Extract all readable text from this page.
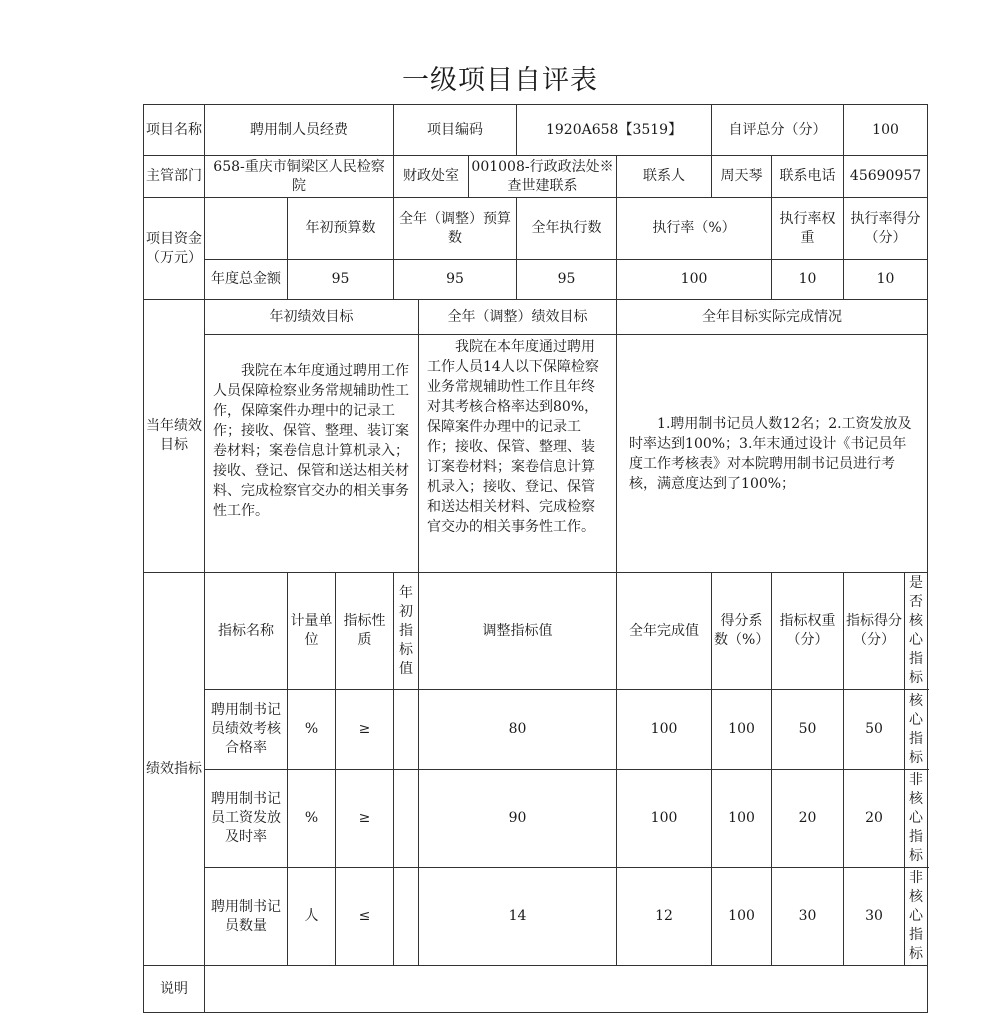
一级项目自评表
项目名称	聘用制人员经费			项目编码			1920A658【3519】		自评总分（分）		100	
主管部门	658-重庆市铜梁区人民检察院			财政处室		001008-行政政法处※查世建联系		联系人	周天琴	联系电话	45690957	
项目资金（万元）		年初预算数		全年（调整）预算数			全年执行数	执行率（%）		执行率权重	执行率得分（分）	
	年度总金额	95		95			95	100		10	10	
当年绩效目标	年初绩效目标				全年（调整）绩效目标			全年目标实际完成情况				
	我院在本年度通过聘用工作人员保障检察业务常规辅助性工作，保障案件办理中的记录工作；接收、保管、整理、装订案卷材料；案卷信息计算机录入；接收、登记、保管和送达相关材料、完成检察官交办的相关事务性工作。				我院在本年度通过聘用工作人员14人以下保障检察业务常规辅助性工作且年终对其考核合格率达到80%，保障案件办理中的记录工作；接收、保管、整理、装订案卷材料；案卷信息计算机录入；接收、登记、保管和送达相关材料、完成检察官交办的相关事务性工作。			1.聘用制书记员人数12名；2.工资发放及时率达到100%；3.年末通过设计《书记员年度工作考核表》对本院聘用制书记员进行考核，满意度达到了100%；				
绩效指标	指标名称	计量单位	指标性质	年初指标值	调整指标值			全年完成值	得分系数（%）	指标权重（分）	指标得分（分）	是否核心指标
	聘用制书记员绩效考核合格率	%	≥		80			100	100	50	50	核心指标
	聘用制书记员工资发放及时率	%	≥		90			100	100	20	20	非核心指标
	聘用制书记员数量	人	≤		14			12	100	30	30	非核心指标
说明												
